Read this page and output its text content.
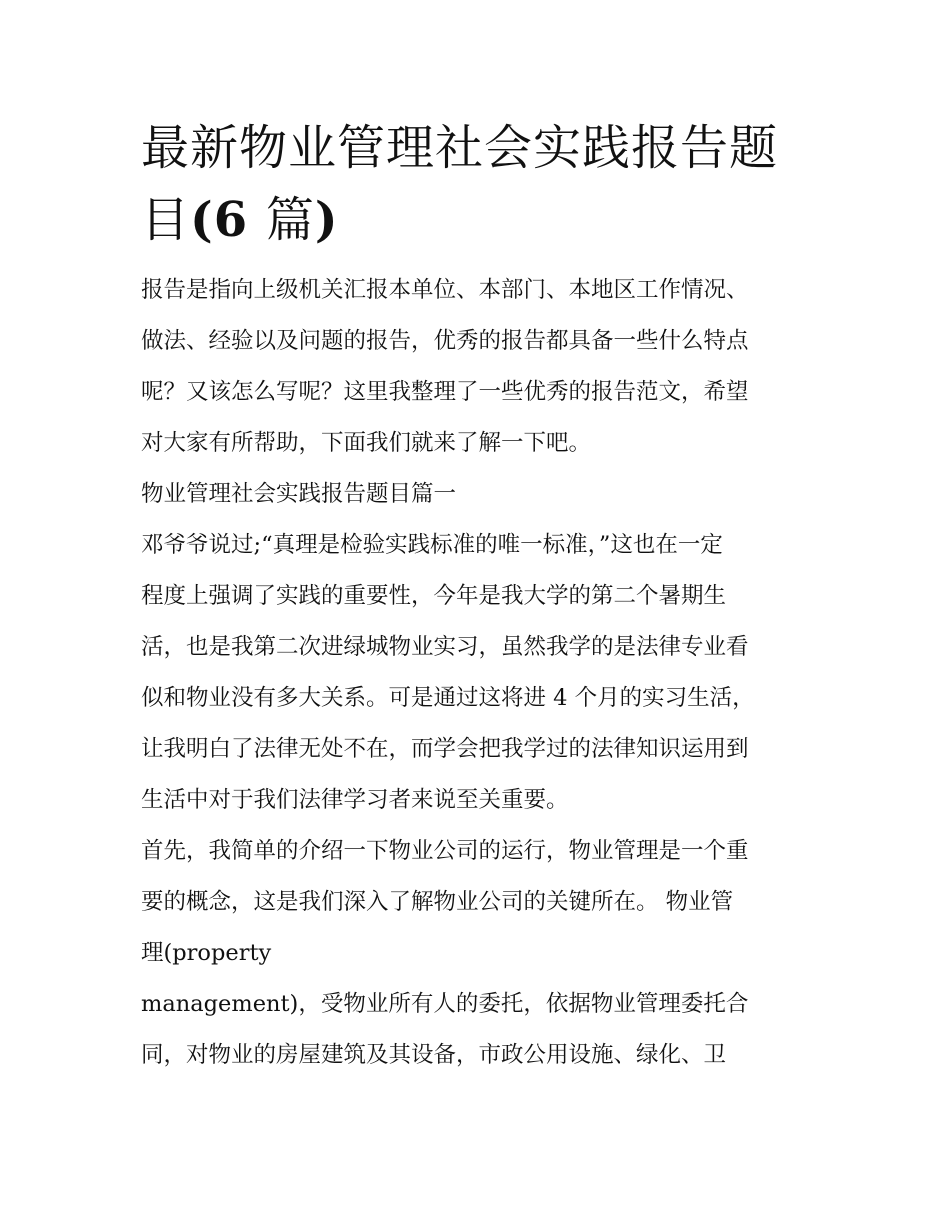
最新物业管理社会实践报告题
目(6 篇)

报告是指向上级机关汇报本单位、本部门、本地区工作情况、
做法、经验以及问题的报告，优秀的报告都具备一些什么特点
呢？又该怎么写呢？这里我整理了一些优秀的报告范文，希望
对大家有所帮助，下面我们就来了解一下吧。

物业管理社会实践报告题目篇一

邓爷爷说过;“真理是检验实践标准的唯一标准，”这也在一定
程度上强调了实践的重要性，今年是我大学的第二个暑期生
活，也是我第二次进绿城物业实习，虽然我学的是法律专业看
似和物业没有多大关系。可是通过这将进 4 个月的实习生活，
让我明白了法律无处不在，而学会把我学过的法律知识运用到
生活中对于我们法律学习者来说至关重要。

首先，我简单的介绍一下物业公司的运行，物业管理是一个重
要的概念，这是我们深入了解物业公司的关键所在。 物业管
理(property
management)，受物业所有人的委托，依据物业管理委托合
同，对物业的房屋建筑及其设备，市政公用设施、绿化、卫
